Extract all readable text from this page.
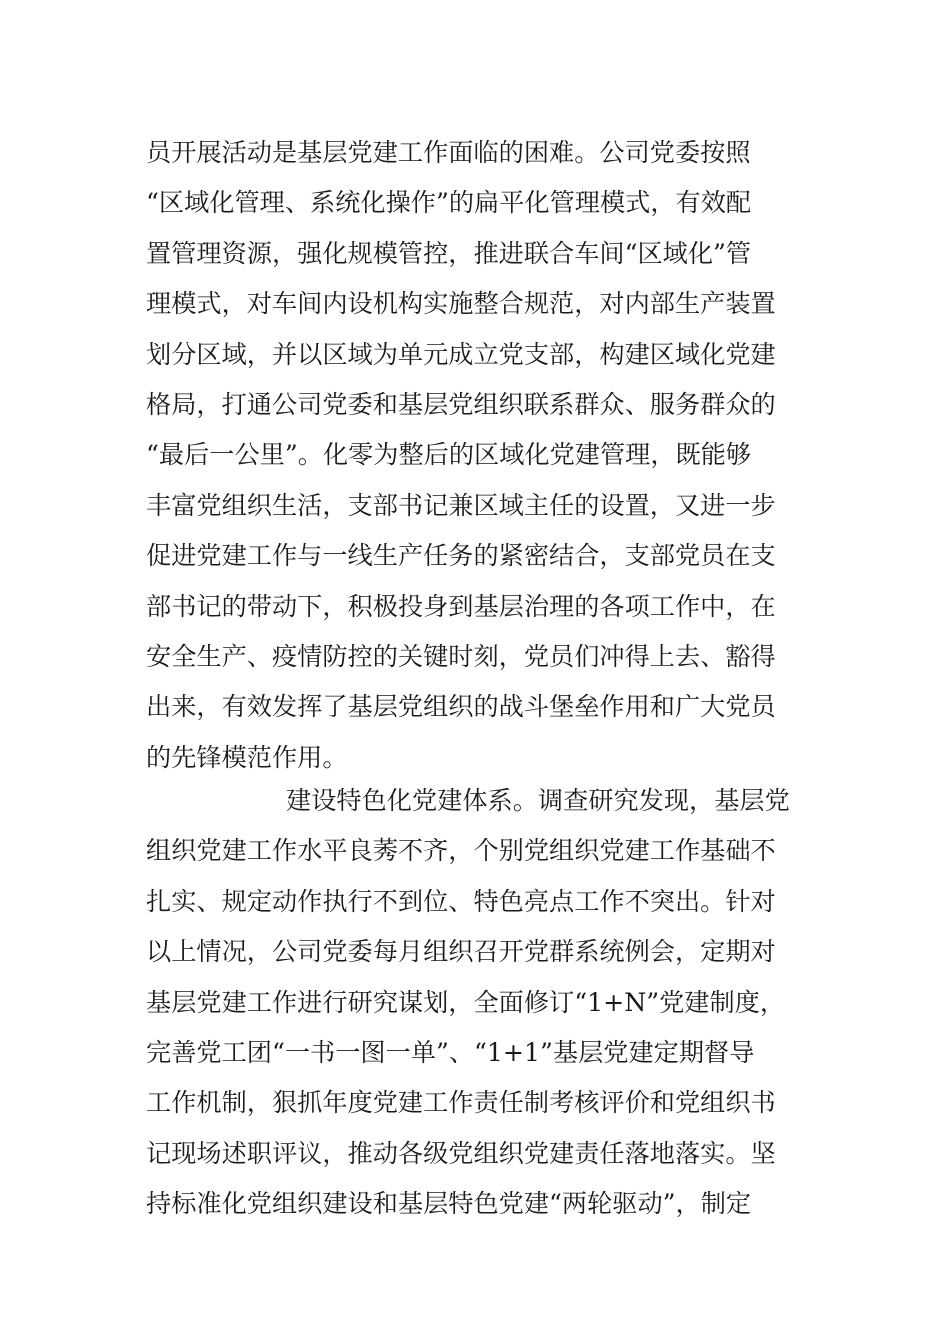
员开展活动是基层党建工作面临的困难。公司党委按照
“区域化管理、系统化操作”的扁平化管理模式，有效配
置管理资源，强化规模管控，推进联合车间“区域化”管
理模式，对车间内设机构实施整合规范，对内部生产装置
划分区域，并以区域为单元成立党支部，构建区域化党建
格局，打通公司党委和基层党组织联系群众、服务群众的
“最后一公里”。化零为整后的区域化党建管理，既能够
丰富党组织生活，支部书记兼区域主任的设置，又进一步
促进党建工作与一线生产任务的紧密结合，支部党员在支
部书记的带动下，积极投身到基层治理的各项工作中，在
安全生产、疫情防控的关键时刻，党员们冲得上去、豁得
出来，有效发挥了基层党组织的战斗堡垒作用和广大党员
的先锋模范作用。
建设特色化党建体系。调查研究发现，基层党
组织党建工作水平良莠不齐，个别党组织党建工作基础不
扎实、规定动作执行不到位、特色亮点工作不突出。针对
以上情况，公司党委每月组织召开党群系统例会，定期对
基层党建工作进行研究谋划，全面修订“1+N”党建制度，
完善党工团“一书一图一单”、“1+1”基层党建定期督导
工作机制，狠抓年度党建工作责任制考核评价和党组织书
记现场述职评议，推动各级党组织党建责任落地落实。坚
持标准化党组织建设和基层特色党建“两轮驱动”，制定
